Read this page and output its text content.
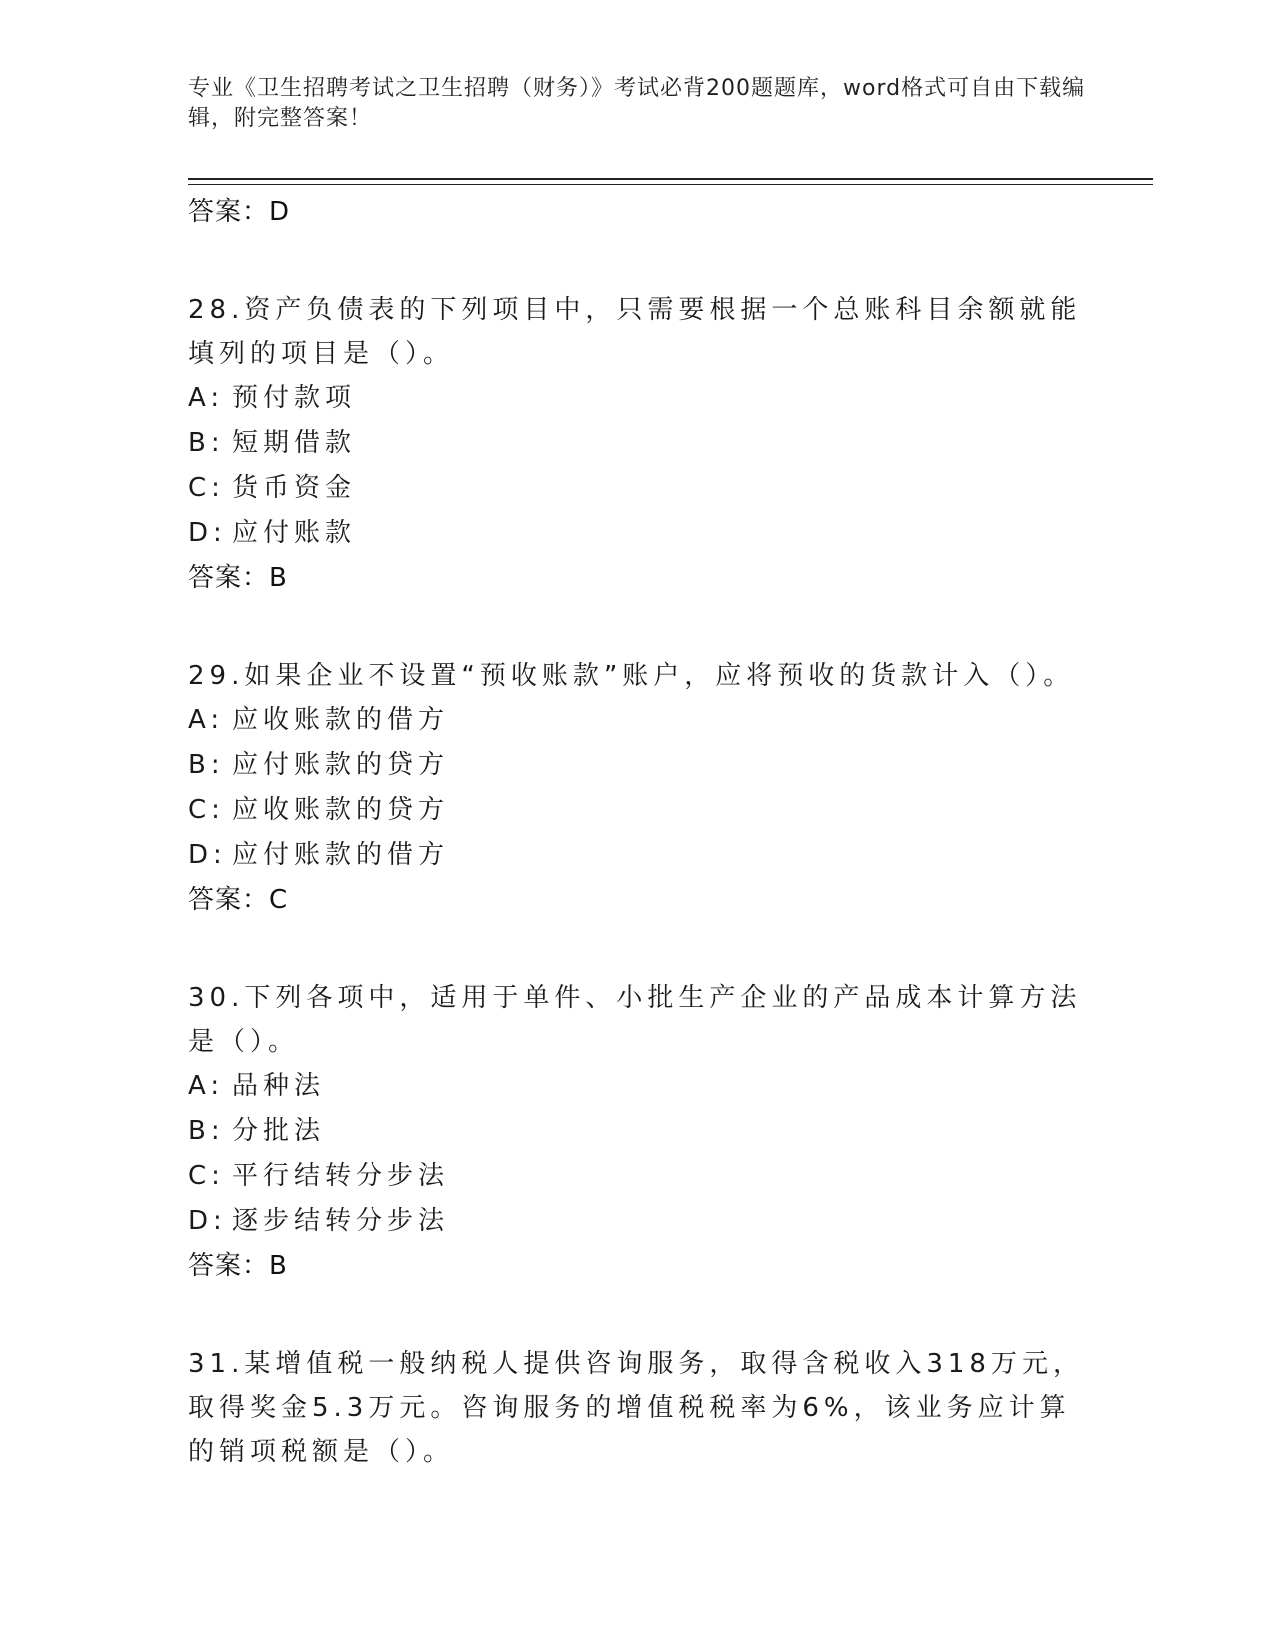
专业《卫生招聘考试之卫生招聘（财务）》考试必背200题题库，word格式可自由下载编辑，附完整答案！
答案：D
28.资产负债表的下列项目中，只需要根据一个总账科目余额就能填列的项目是（）。
A: 预付款项
B: 短期借款
C: 货币资金
D: 应付账款
答案：B
29.如果企业不设置“预收账款”账户，应将预收的货款计入（）。
A: 应收账款的借方
B: 应付账款的贷方
C: 应收账款的贷方
D: 应付账款的借方
答案：C
30.下列各项中，适用于单件、小批生产企业的产品成本计算方法是（）。
A: 品种法
B: 分批法
C: 平行结转分步法
D: 逐步结转分步法
答案：B
31.某增值税一般纳税人提供咨询服务，取得含税收入318万元，取得奖金5.3万元。咨询服务的增值税税率为6%，该业务应计算的销项税额是（）。
